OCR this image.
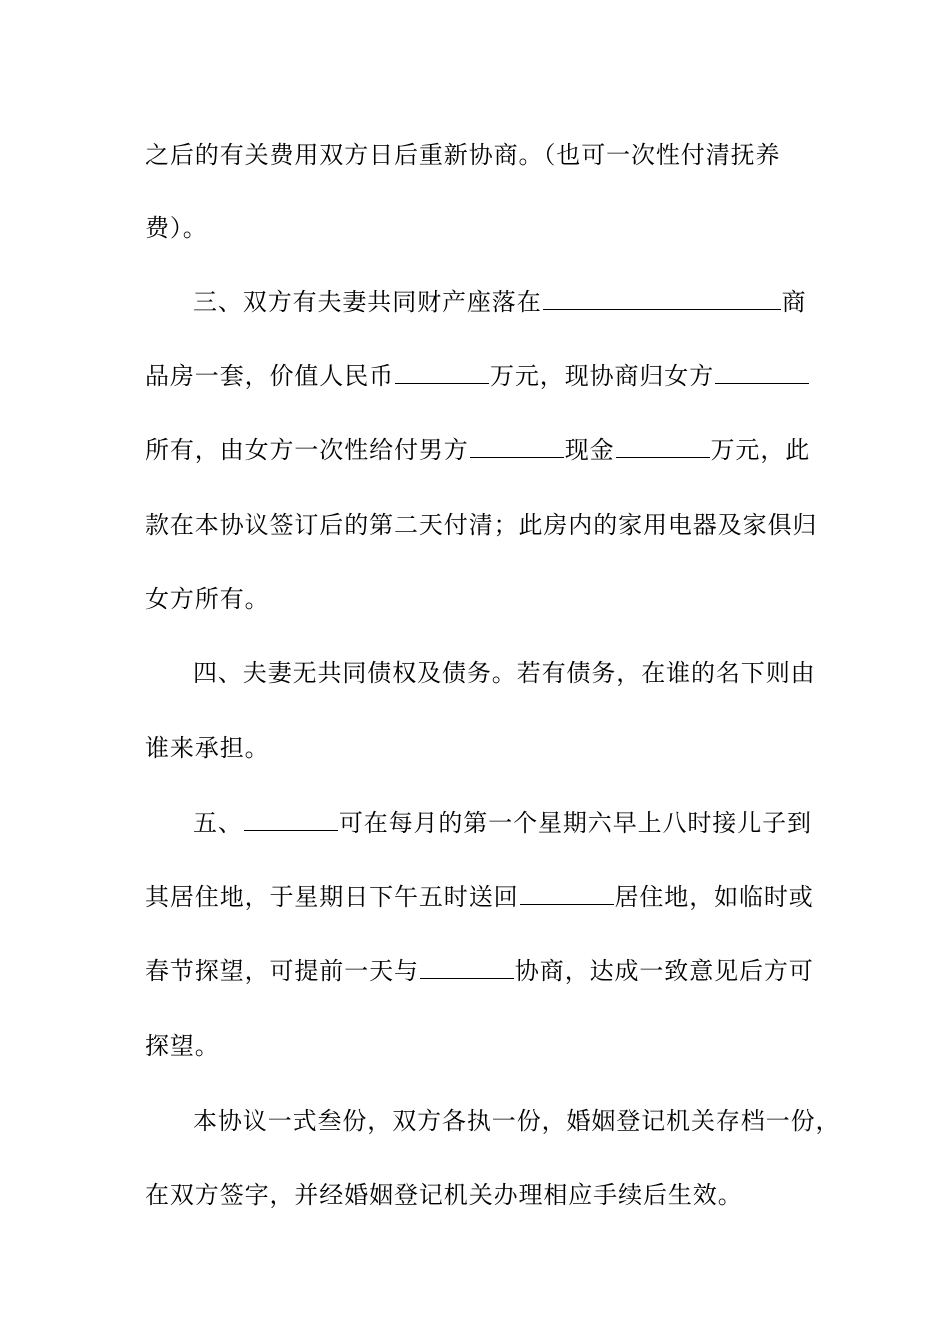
之后的有关费用双方日后重新协商。（也可一次性付清抚养
费）。
三、双方有夫妻共同财产座落在	商
品房一套，价值人民币	万元，现协商归女方
所有，由女方一次性给付男方	现金	万元，此
款在本协议签订后的第二天付清；此房内的家用电器及家俱归
女方所有。
四、夫妻无共同债权及债务。若有债务，在谁的名下则由
谁来承担。
五、	可在每月的第一个星期六早上八时接儿子到
其居住地，于星期日下午五时送回	居住地，如临时或
春节探望，可提前一天与	协商，达成一致意见后方可
探望。
本协议一式叁份，双方各执一份，婚姻登记机关存档一份，
在双方签字，并经婚姻登记机关办理相应手续后生效。
